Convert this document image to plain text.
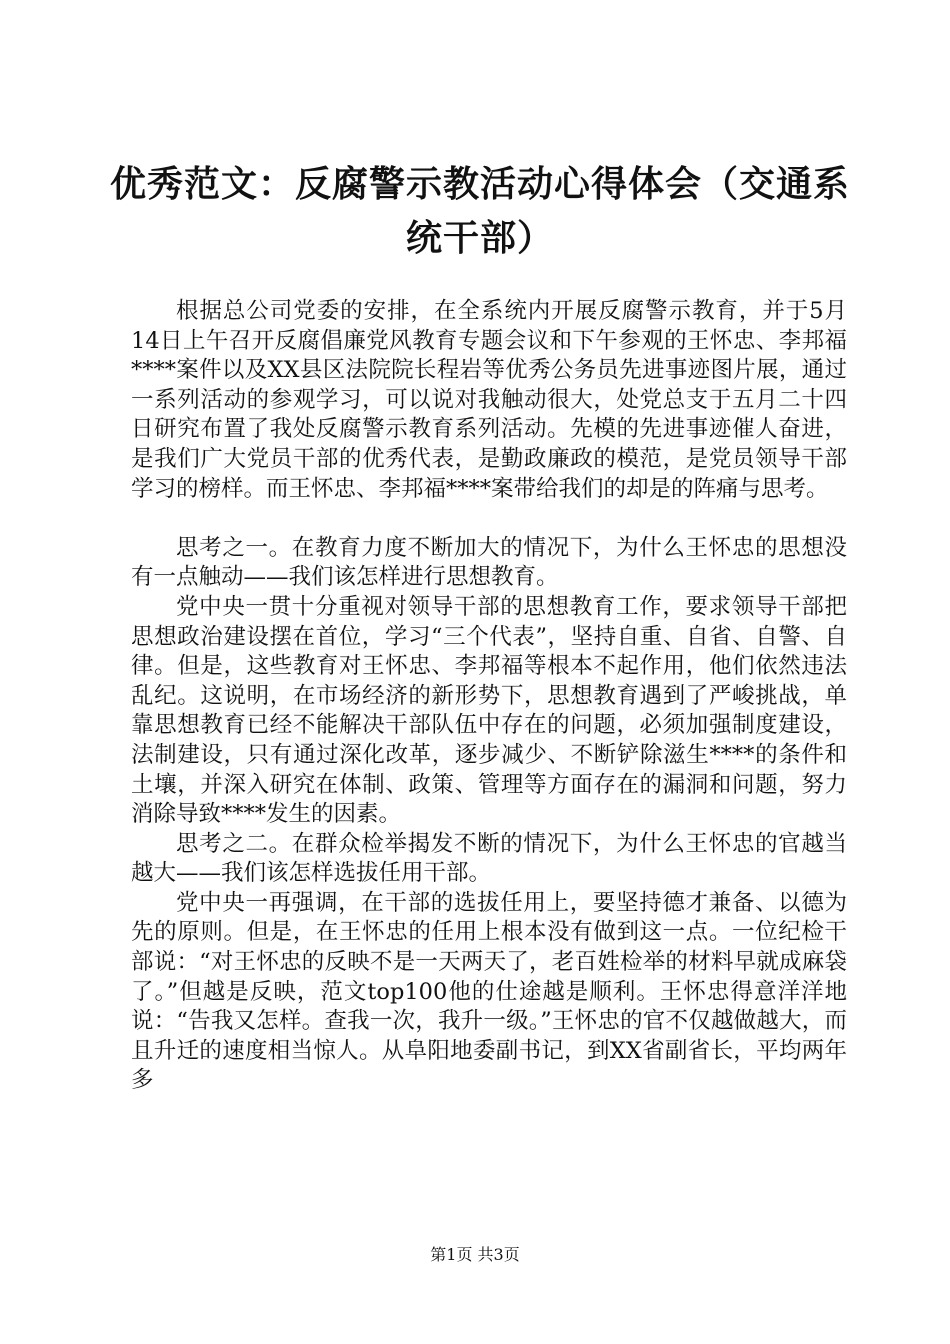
优秀范文：反腐警示教活动心得体会（交通系统干部）

根据总公司党委的安排，在全系统内开展反腐警示教育，并于5月14日上午召开反腐倡廉党风教育专题会议和下午参观的王怀忠、李邦福****案件以及XX县区法院院长程岩等优秀公务员先进事迹图片展，通过一系列活动的参观学习，可以说对我触动很大，处党总支于五月二十四日研究布置了我处反腐警示教育系列活动。先模的先进事迹催人奋进，是我们广大党员干部的优秀代表，是勤政廉政的模范，是党员领导干部学习的榜样。而王怀忠、李邦福****案带给我们的却是的阵痛与思考。

思考之一。在教育力度不断加大的情况下，为什么王怀忠的思想没有一点触动——我们该怎样进行思想教育。

党中央一贯十分重视对领导干部的思想教育工作，要求领导干部把思想政治建设摆在首位，学习“三个代表”，坚持自重、自省、自警、自律。但是，这些教育对王怀忠、李邦福等根本不起作用，他们依然违法乱纪。这说明，在市场经济的新形势下，思想教育遇到了严峻挑战，单靠思想教育已经不能解决干部队伍中存在的问题，必须加强制度建设，法制建设，只有通过深化改革，逐步减少、不断铲除滋生****的条件和土壤，并深入研究在体制、政策、管理等方面存在的漏洞和问题，努力消除导致****发生的因素。

思考之二。在群众检举揭发不断的情况下，为什么王怀忠的官越当越大——我们该怎样选拔任用干部。

党中央一再强调，在干部的选拔任用上，要坚持德才兼备、以德为先的原则。但是，在王怀忠的任用上根本没有做到这一点。一位纪检干部说：“对王怀忠的反映不是一天两天了，老百姓检举的材料早就成麻袋了。”但越是反映，范文top100他的仕途越是顺利。王怀忠得意洋洋地说：“告我又怎样。查我一次，我升一级。”王怀忠的官不仅越做越大，而且升迁的速度相当惊人。从阜阳地委副书记，到XX省副省长，平均两年多

第1页 共3页
